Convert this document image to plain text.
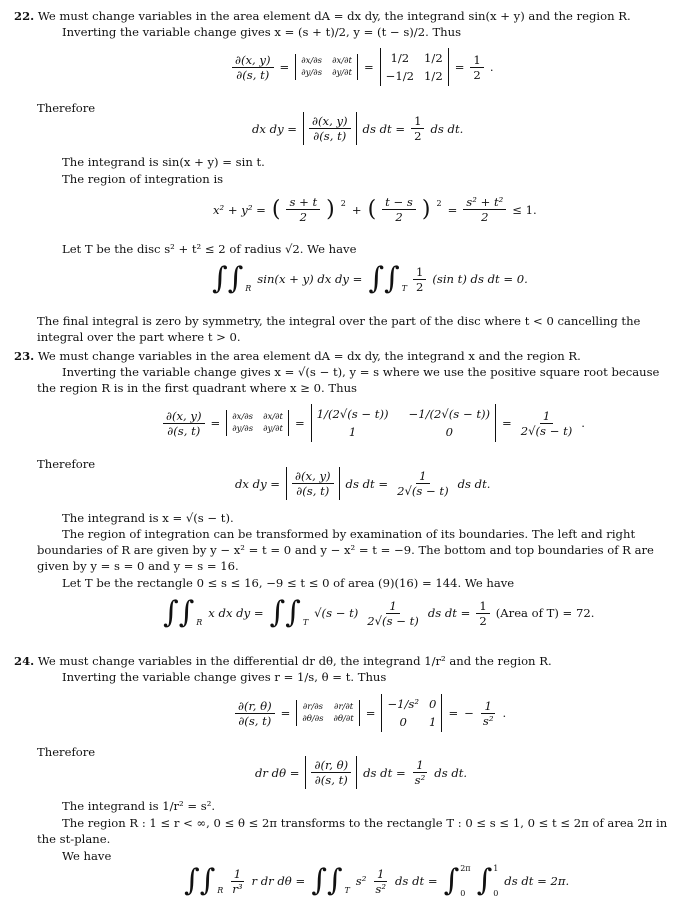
22. We must change variables in the area element dA = dx dy, the integrand sin(x + y) and the region R.
Inverting the variable change gives x = (s + t)/2, y = (t − s)/2. Thus
$\frac{\partial(x, y)}{\partial(s, t)} = \partial x/\partial s$ ∂x/∂t
∂y/∂s ∂y/∂t =
1/2	1/2
−1/2 1/2
= $\frac{1}{2}$ .
Therefore
dx dy = $\frac{\partial(x, y)}{\partial(s, t)}$ ds dt = $\frac{1}{2}$ ds dt.
The integrand is sin(x + y) = sin t.
The region of integration is
x² + y² = ( $\frac{s + t}{2}$ ) 2 + ( $\frac{t - s}{2}$ ) $2 = \frac{\text{s² + t²}}{2} \le 1$.
Let T be the disc s² + t² ≤ 2 of radius √2. We have
∫∫ R
sin(x + y) dx dy = ∫∫ T $\frac{1}{2} (\sin$ t) ds dt = 0.
The final integral is zero by symmetry, the integral over the part of the disc where t < 0 cancelling the integral over the part where t > 0.
23. We must change variables in the area element dA = dx dy, the integrand x and the region R.
Inverting the variable change gives x = √(s − t), y = s where we use the positive square root because the region R is in the first quadrant where x ≥ 0. Thus
$\frac{\partial(x, y)}{\partial(s, t)} = \partial x/\partial s$ ∂x/∂t
∂y/∂s ∂y/∂t =
1/(2√(s − t)) −1/(2√(s − t))
1	0
= $\frac{1}{2√(s - t)}$ .
Therefore
dx dy = $\frac{\partial(x, y)}{\partial(s, t)}$ ds dt = $\frac{1}{2√(s - t)}$ ds dt.
The integrand is x = √(s − t).
The region of integration can be transformed by examination of its boundaries. The left and right boundaries of R are given by y − x² = t = 0 and y − x² = t = −9. The bottom and top boundaries of R are given by y = s = 0 and y = s = 16.
Let T be the rectangle 0 ≤ s ≤ 16, −9 ≤ t ≤ 0 of area (9)(16) = 144. We have
∫∫ R
x dx dy = ∫∫ T
$√(s - t) \frac{1}{2√(s - t)}$ ds dt = $\frac{1}{2}$ (Area of T) = 72.
24. We must change variables in the differential dr dθ, the integrand 1/r² and the region R.
Inverting the variable change gives r = 1/s, θ = t. Thus
$\frac{\partial(r, \theta)}{\partial(s, t)} = \partial r/\partial s$ ∂r/∂t
∂θ/∂s ∂θ/∂t =
−1/s² 0
0	1
= − $\frac{1}{\text{s²}}$ .
Therefore
dr $d\theta = \frac{\partial(r, \theta)}{\partial(s, t)}$ ds dt = $\frac{1}{\text{s²}}$ ds dt.
The integrand is 1/r² = s².
The region R : 1 ≤ r < ∞, 0 ≤ θ ≤ 2π transforms to the rectangle T : 0 ≤ s ≤ 1, 0 ≤ t ≤ 2π of area 2π in the st-plane.
We have
∫∫ R $\frac{1}{\text{r³}}$ r dr dθ = ∫∫ T
$s^2 \frac{1}{\text{s²}}$ ds dt = ∫ 2π
0 ∫ 1
0
ds dt = 2π.
